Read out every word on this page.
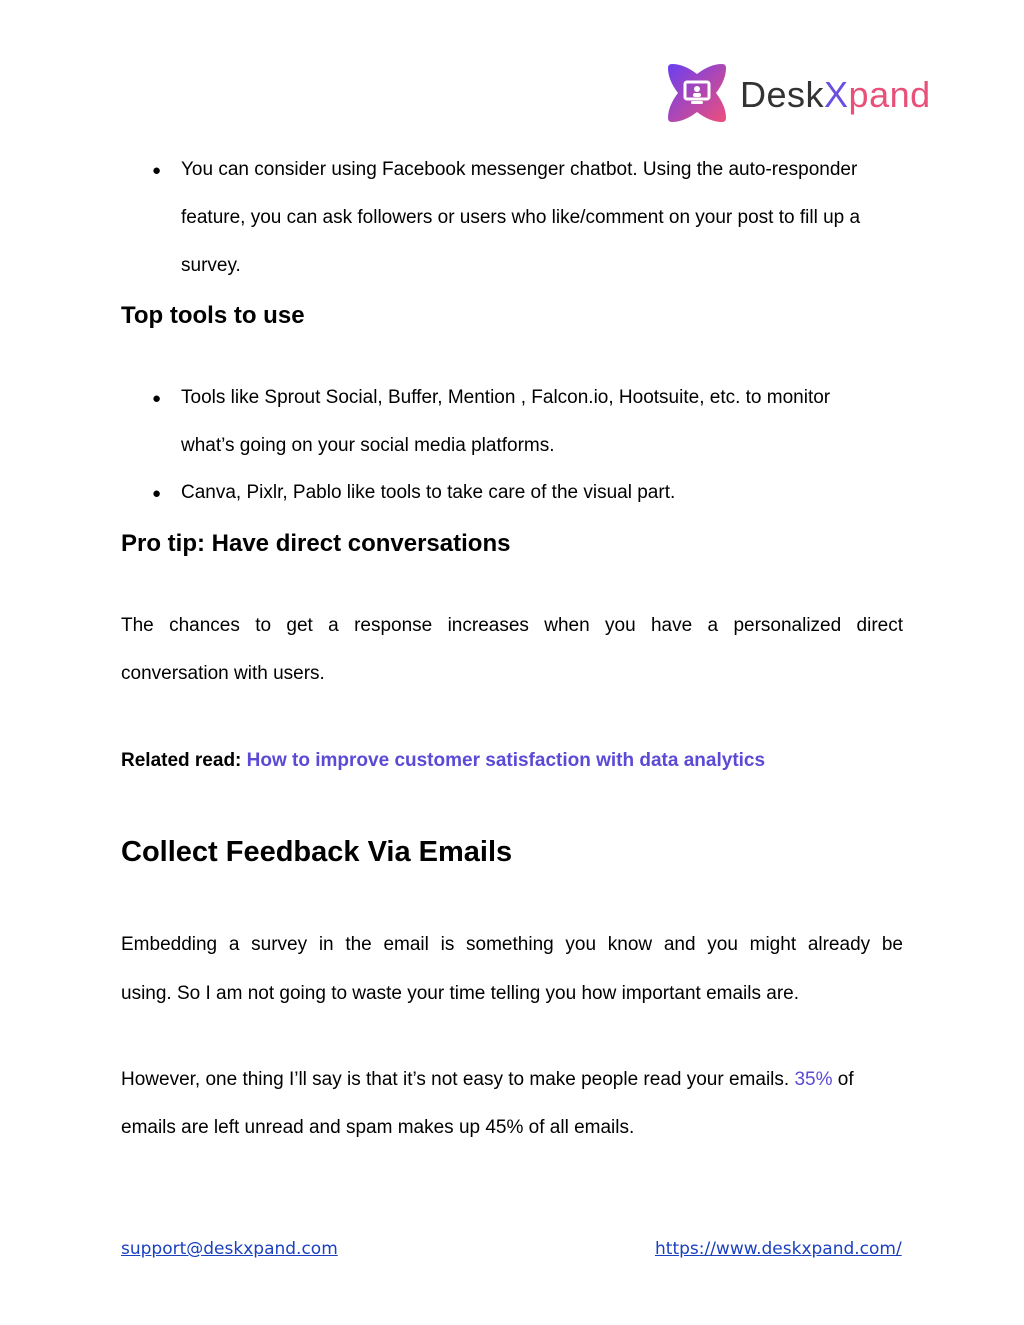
DeskXpand
● You can consider using Facebook messenger chatbot. Using the auto-responder
feature, you can ask followers or users who like/comment on your post to fill up a
survey.
Top tools to use
● Tools like Sprout Social, Buffer, Mention , Falcon.io, Hootsuite, etc. to monitor
what’s going on your social media platforms.
● Canva, Pixlr, Pablo like tools to take care of the visual part.
Pro tip: Have direct conversations
The chances to get a response increases when you have a personalized direct
conversation with users.
Related read: How to improve customer satisfaction with data analytics
Collect Feedback Via Emails
Embedding a survey in the email is something you know and you might already be
using. So I am not going to waste your time telling you how important emails are.
However, one thing I’ll say is that it’s not easy to make people read your emails. 35% of
emails are left unread and spam makes up 45% of all emails.
support@deskxpand.com	https://www.deskxpand.com/
